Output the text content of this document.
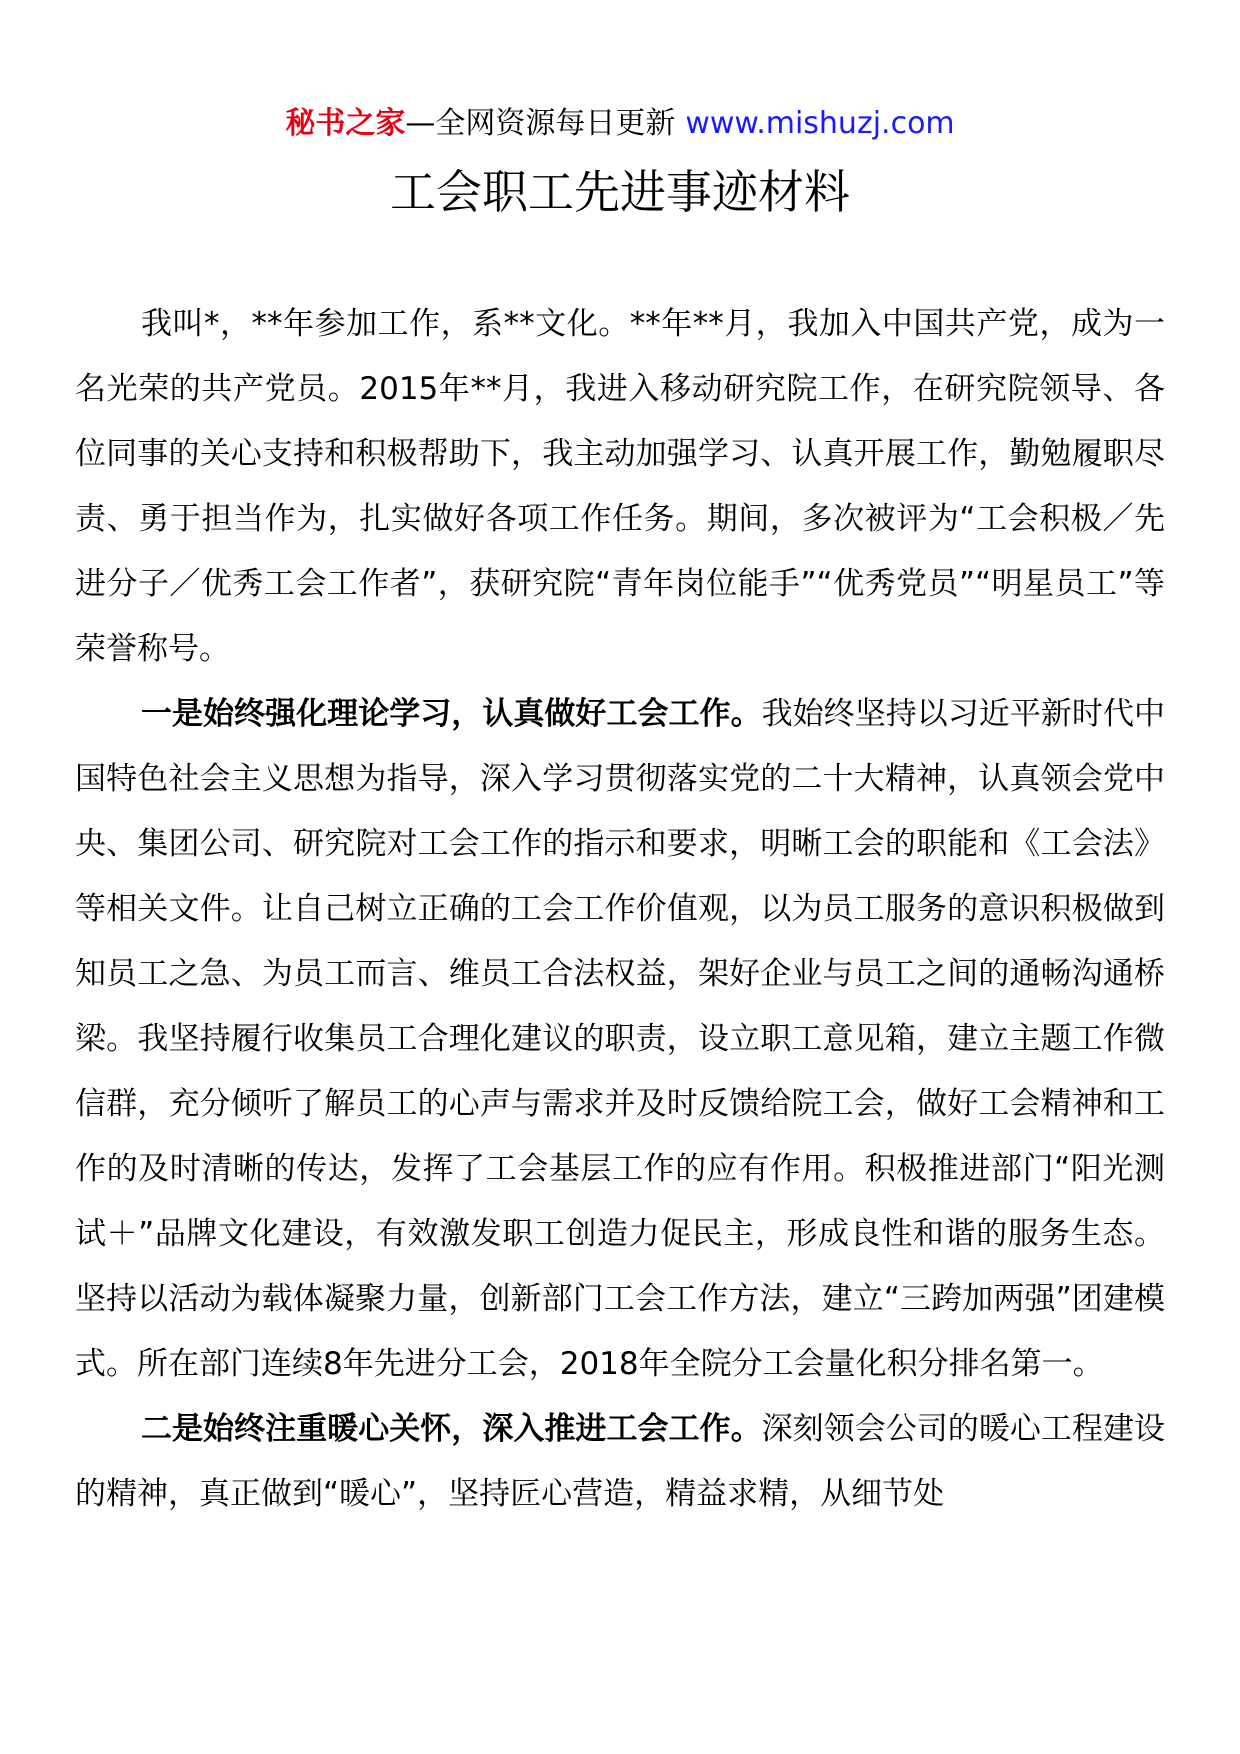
秘书之家—全网资源每日更新 www.mishuzj.com
工会职工先进事迹材料

我叫*，**年参加工作，系**文化。**年**月，我加入中国共产党，成为一名光荣的共产党员。2015年**月，我进入移动研究院工作，在研究院领导、各位同事的关心支持和积极帮助下，我主动加强学习、认真开展工作，勤勉履职尽责、勇于担当作为，扎实做好各项工作任务。期间，多次被评为“工会积极／先进分子／优秀工会工作者”，获研究院“青年岗位能手”“优秀党员”“明星员工”等荣誉称号。

一是始终强化理论学习，认真做好工会工作。我始终坚持以习近平新时代中国特色社会主义思想为指导，深入学习贯彻落实党的二十大精神，认真领会党中央、集团公司、研究院对工会工作的指示和要求，明晰工会的职能和《工会法》等相关文件。让自己树立正确的工会工作价值观，以为员工服务的意识积极做到知员工之急、为员工而言、维员工合法权益，架好企业与员工之间的通畅沟通桥梁。我坚持履行收集员工合理化建议的职责，设立职工意见箱，建立主题工作微信群，充分倾听了解员工的心声与需求并及时反馈给院工会，做好工会精神和工作的及时清晰的传达，发挥了工会基层工作的应有作用。积极推进部门“阳光测试＋”品牌文化建设，有效激发职工创造力促民主，形成良性和谐的服务生态。坚持以活动为载体凝聚力量，创新部门工会工作方法，建立“三跨加两强”团建模式。所在部门连续8年先进分工会，2018年全院分工会量化积分排名第一。

二是始终注重暖心关怀，深入推进工会工作。深刻领会公司的暖心工程建设的精神，真正做到“暖心”，坚持匠心营造，精益求精，从细节处
